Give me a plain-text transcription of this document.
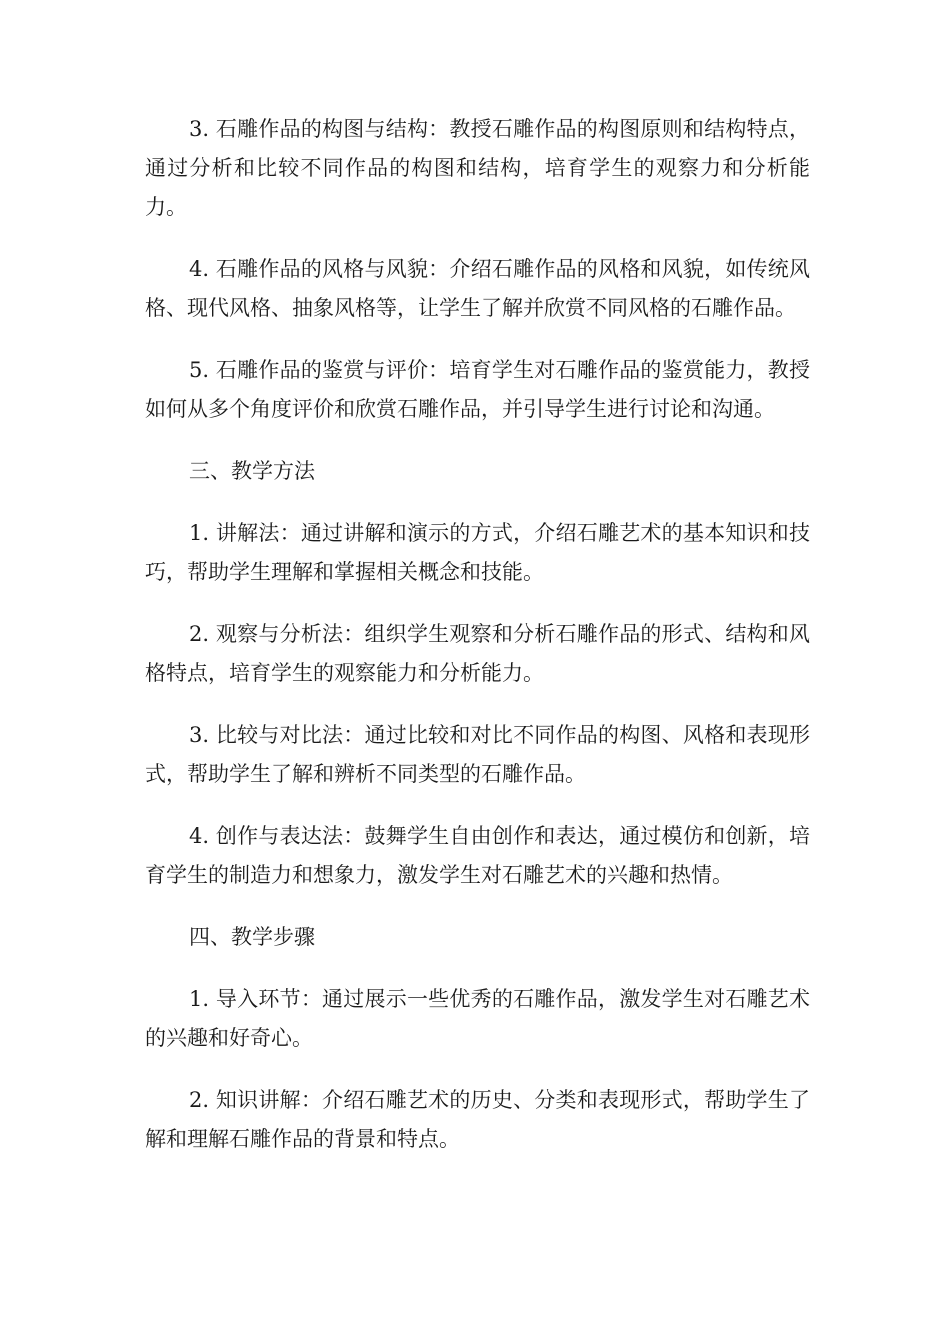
3. 石雕作品的构图与结构：教授石雕作品的构图原则和结构特点，通过分析和比较不同作品的构图和结构，培育学生的观察力和分析能力。

4. 石雕作品的风格与风貌：介绍石雕作品的风格和风貌，如传统风格、现代风格、抽象风格等，让学生了解并欣赏不同风格的石雕作品。

5. 石雕作品的鉴赏与评价：培育学生对石雕作品的鉴赏能力，教授如何从多个角度评价和欣赏石雕作品，并引导学生进行讨论和沟通。

三、教学方法

1. 讲解法：通过讲解和演示的方式，介绍石雕艺术的基本知识和技巧，帮助学生理解和掌握相关概念和技能。

2. 观察与分析法：组织学生观察和分析石雕作品的形式、结构和风格特点，培育学生的观察能力和分析能力。

3. 比较与对比法：通过比较和对比不同作品的构图、风格和表现形式，帮助学生了解和辨析不同类型的石雕作品。

4. 创作与表达法：鼓舞学生自由创作和表达，通过模仿和创新，培育学生的制造力和想象力，激发学生对石雕艺术的兴趣和热情。

四、教学步骤

1. 导入环节：通过展示一些优秀的石雕作品，激发学生对石雕艺术的兴趣和好奇心。

2. 知识讲解：介绍石雕艺术的历史、分类和表现形式，帮助学生了解和理解石雕作品的背景和特点。
